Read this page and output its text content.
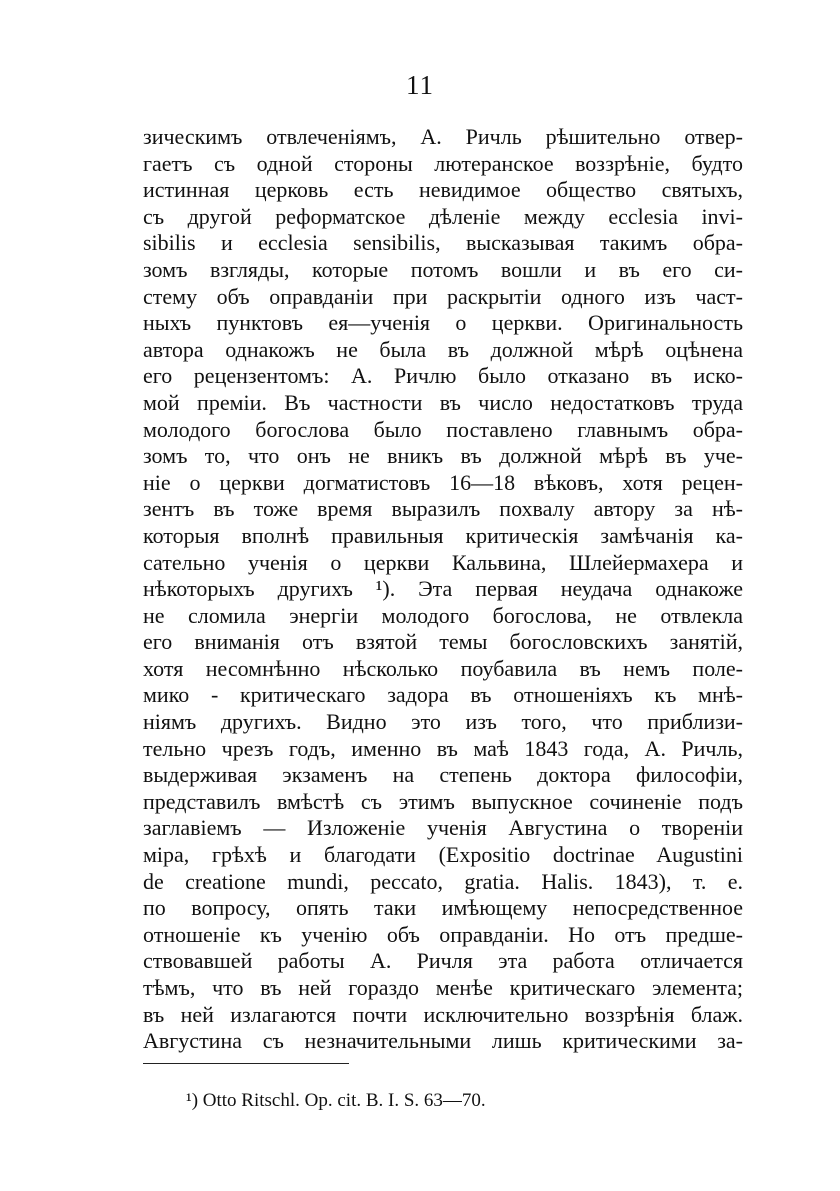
11
зическимъ отвлеченіямъ, А. Ричль рѣшительно отвер-
гаетъ съ одной стороны лютеранское воззрѣніе, будто
истинная церковь есть невидимое общество святыхъ,
съ другой реформатское дѣленіе между ecclesia invi-
sibilis и ecclesia sensibilis, высказывая такимъ обра-
зомъ взгляды, которые потомъ вошли и въ его си-
стему объ оправданіи при раскрытіи одного изъ част-
ныхъ пунктовъ ея—ученія о церкви. Оригинальность
автора однакожъ не была въ должной мѣрѣ оцѣнена
его рецензентомъ: А. Ричлю было отказано въ иско-
мой преміи. Въ частности въ число недостатковъ труда
молодого богослова было поставлено главнымъ обра-
зомъ то, что онъ не вникъ въ должной мѣрѣ въ уче-
ніе о церкви догматистовъ 16—18 вѣковъ, хотя рецен-
зентъ въ тоже время выразилъ похвалу автору за нѣ-
которыя вполнѣ правильныя критическія замѣчанія ка-
сательно ученія о церкви Кальвина, Шлейермахера и
нѣкоторыхъ другихъ ¹). Эта первая неудача однакоже
не сломила энергіи молодого богослова, не отвлекла
его вниманія отъ взятой темы богословскихъ занятій,
хотя несомнѣнно нѣсколько поубавила въ немъ поле-
мико - критическаго задора въ отношеніяхъ къ мнѣ-
ніямъ другихъ. Видно это изъ того, что приблизи-
тельно чрезъ годъ, именно въ маѣ 1843 года, А. Ричль,
выдерживая экзаменъ на степень доктора философіи,
представилъ вмѣстѣ съ этимъ выпускное сочиненіе подъ
заглавіемъ — Изложеніе ученія Августина о твореніи
міра, грѣхѣ и благодати (Expositio doctrinae Augustini
de creatione mundi, peccato, gratia. Halis. 1843), т. е.
по вопросу, опять таки имѣющему непосредственное
отношеніе къ ученію объ оправданіи. Но отъ предше-
ствовавшей работы А. Ричля эта работа отличается
тѣмъ, что въ ней гораздо менѣе критическаго элемента;
въ ней излагаются почти исключительно воззрѣнія блаж.
Августина съ незначительными лишь критическими за-
¹) Otto Ritschl. Op. cit. B. I. S. 63—70.
